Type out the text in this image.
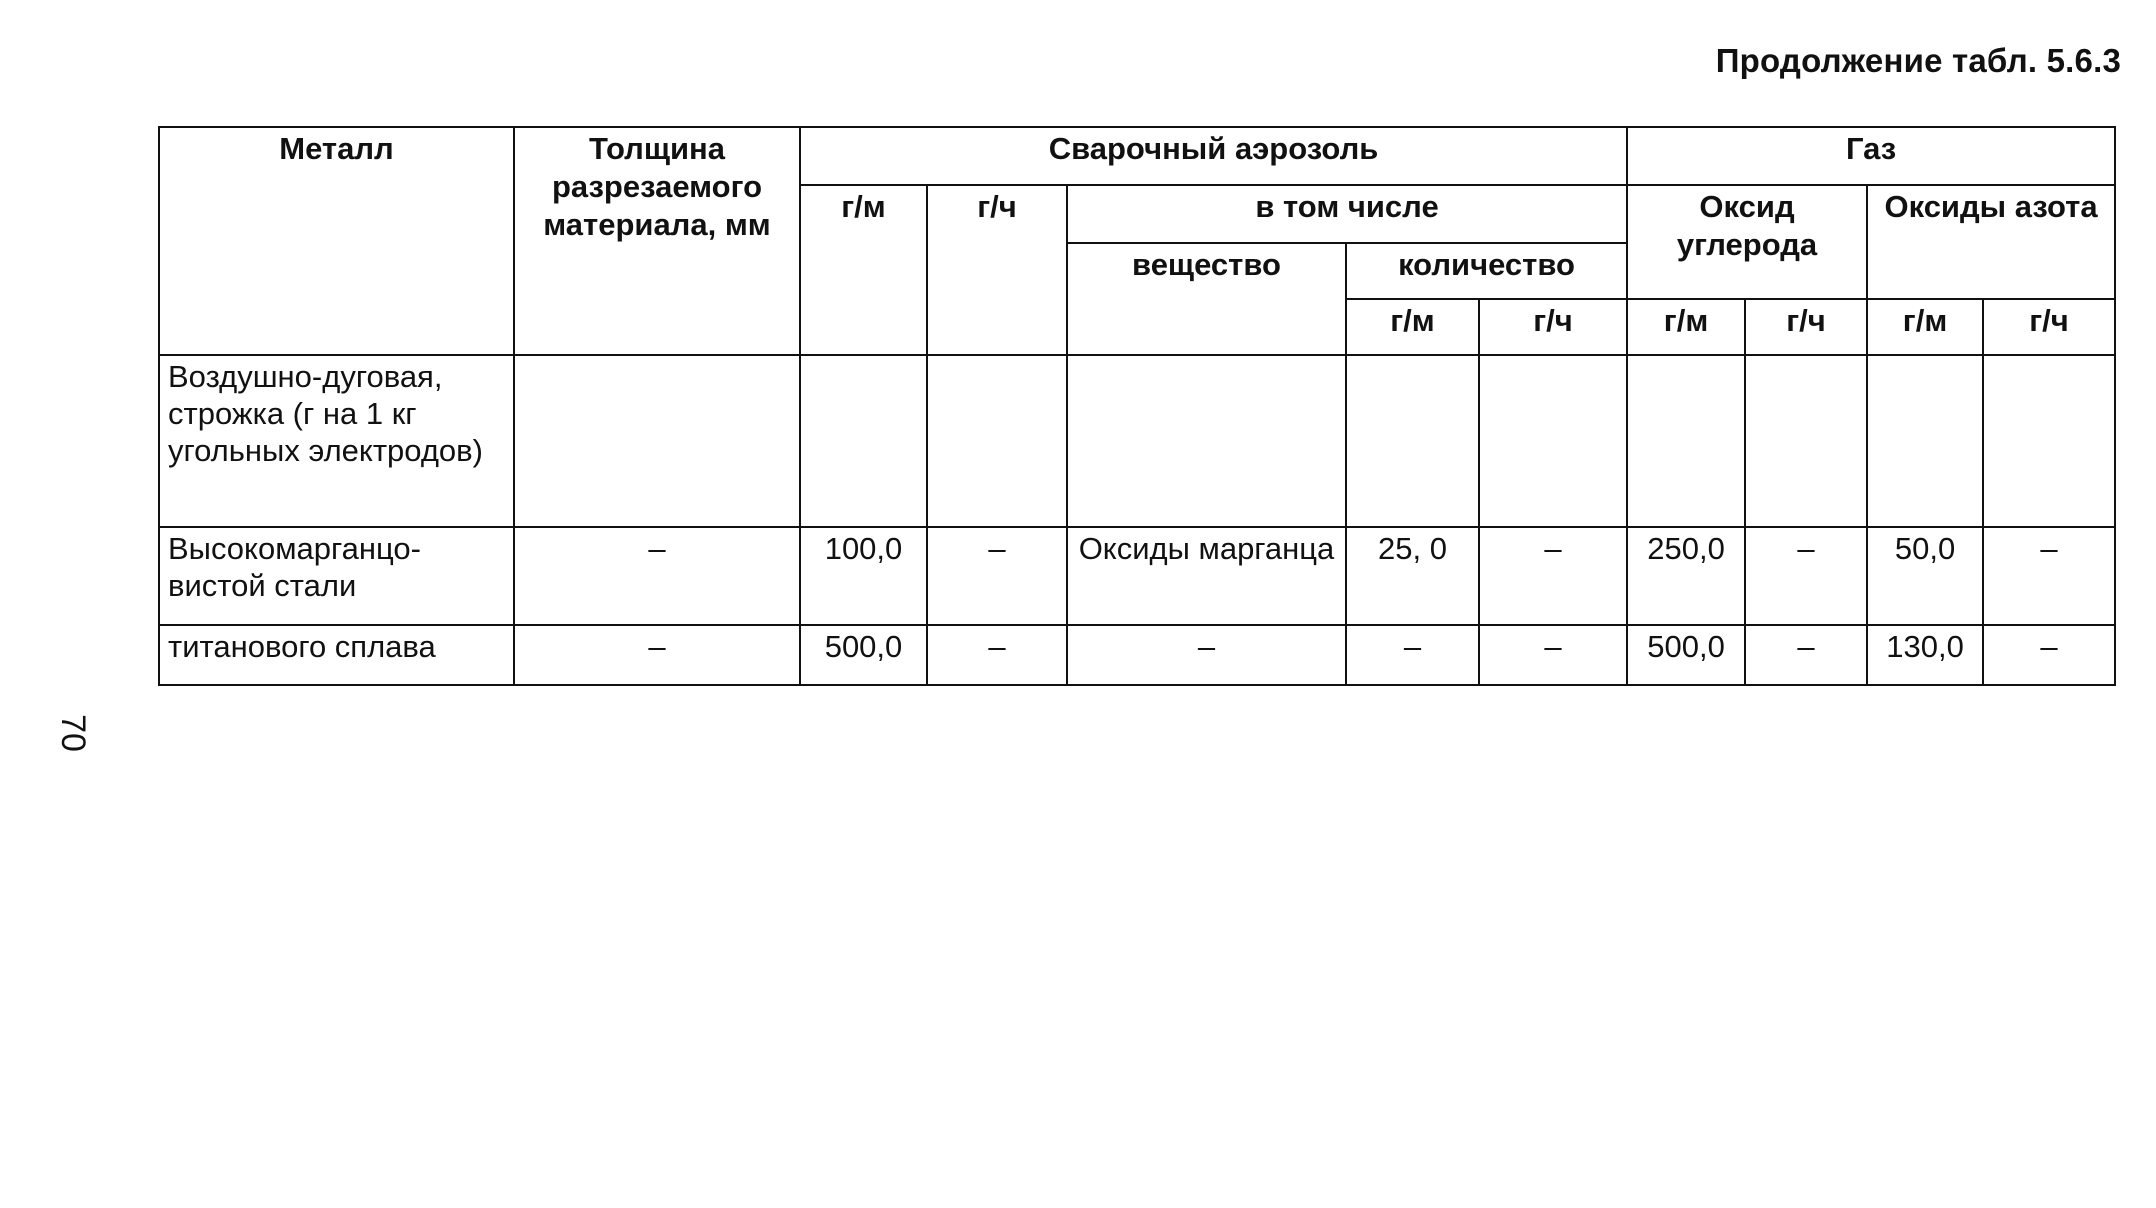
Продолжение табл. 5.6.3
70
Металл	Толщина разрезаемого материала, мм	Сварочный аэрозоль					Газ			
		г/м	г/ч	в том числе			Оксид углерода		Оксиды азота	
				вещество	количество					
					г/м	г/ч	г/м	г/ч	г/м	г/ч
Воздушно-дуговая, строжка (г на 1 кг угольных электродов)										
Высокомарганцо-вистой стали	–	100,0	–	Оксиды марганца	25, 0	–	250,0	–	50,0	–
титанового сплава	–	500,0	–	–	–	–	500,0	–	130,0	–
